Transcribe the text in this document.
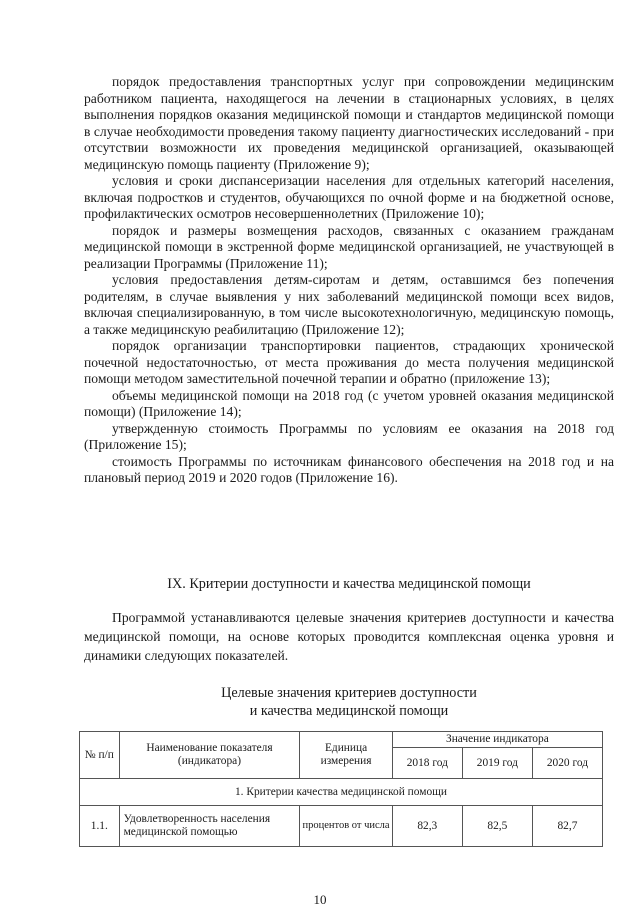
порядок предоставления транспортных услуг при сопровождении медицинским работником пациента, находящегося на лечении в стационарных условиях, в целях выполнения порядков оказания медицинской помощи и стандартов медицинской помощи в случае необходимости проведения такому пациенту диагностических исследований - при отсутствии возможности их проведения медицинской организацией, оказывающей медицинскую помощь пациенту (Приложение 9);

условия и сроки диспансеризации населения для отдельных категорий населения, включая подростков и студентов, обучающихся по очной форме и на бюджетной основе, профилактических осмотров несовершеннолетних (Приложение 10);

порядок и размеры возмещения расходов, связанных с оказанием гражданам медицинской помощи в экстренной форме медицинской организацией, не участвующей в реализации Программы (Приложение 11);

условия предоставления детям-сиротам и детям, оставшимся без попечения родителям, в случае выявления у них заболеваний медицинской помощи всех видов, включая специализированную, в том числе высокотехнологичную, медицинскую помощь, а также медицинскую реабилитацию (Приложение 12);

порядок организации транспортировки пациентов, страдающих хронической почечной недостаточностью, от места проживания до места получения медицинской помощи методом заместительной почечной терапии и обратно (приложение 13);

объемы медицинской помощи на 2018 год (с учетом уровней оказания медицинской помощи) (Приложение 14);

утвержденную стоимость Программы по условиям ее оказания на 2018 год (Приложение 15);

стоимость Программы по источникам финансового обеспечения на 2018 год и на плановый период 2019 и 2020 годов (Приложение 16).

IX. Критерии доступности и качества медицинской помощи

Программой устанавливаются целевые значения критериев доступности и качества медицинской помощи, на основе которых проводится комплексная оценка уровня и динамики следующих показателей.

Целевые значения критериев доступности
и качества медицинской помощи
№ п/п	Наименование показателя (индикатора)	Единица измерения	Значение индикатора		
			2018 год	2019 год	2020 год
1. Критерии качества медицинской помощи					
1.1.	Удовлетворенность населения медицинской помощью	процентов от числа	82,3	82,5	82,7
10
